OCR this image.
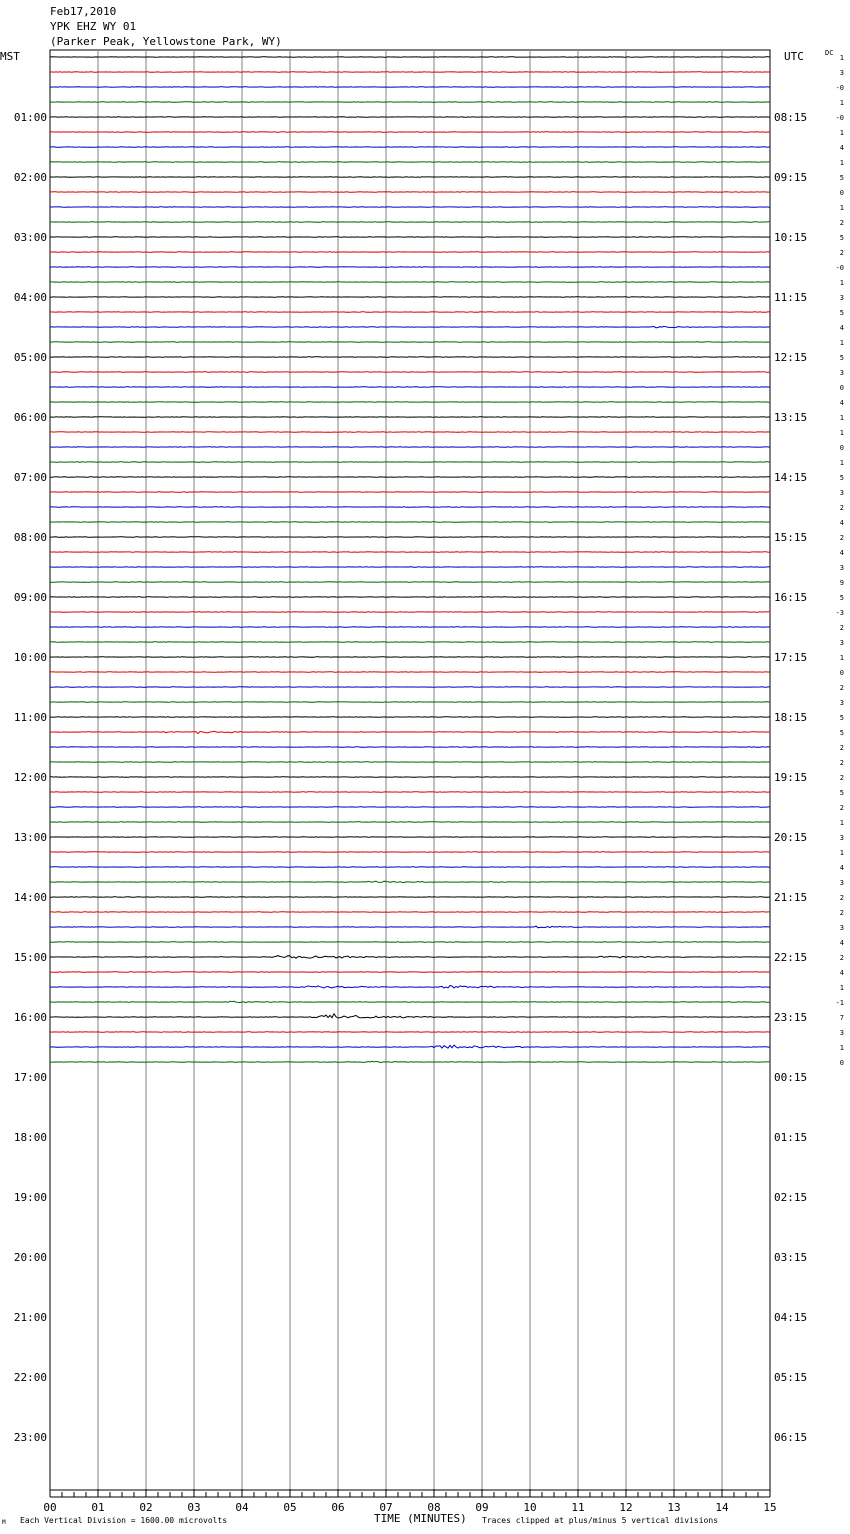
Feb17,2010
YPK EHZ WY 01
(Parker Peak, Yellowstone Park, WY)
MST	UTC	DC
00	01	02	03	04	05	06	07	08	09	10	11	12	13	14	15
01:00
02:00
03:00
04:00
05:00
06:00
07:00
08:00
09:00
10:00
11:00
12:00
13:00
14:00
15:00
16:00
17:00
18:00
19:00
20:00
21:00
22:00
23:00
08:15
09:15
10:15
11:15
12:15
13:15
14:15
15:15
16:15
17:15
18:15
19:15
20:15
21:15
22:15
23:15
00:15
01:15
02:15
03:15
04:15
05:15
06:15
1
3
-0
1
-0
1
4
1
5
0
1
2
5
2
-0
1
3
5
4
1
5
3
0
4
1
1
0
1
5
3
2
4
2
4
3
9
5
-3
2
3
1
0
2
3
5
5
2
2
2
5
2
1
3
1
4
3
2
2
3
4
2
4
1
-1
7
3
1
0
M Each Vertical Division = 1600.00 microvolts	TIME (MINUTES) Traces clipped at plus/minus 5 vertical divisions
